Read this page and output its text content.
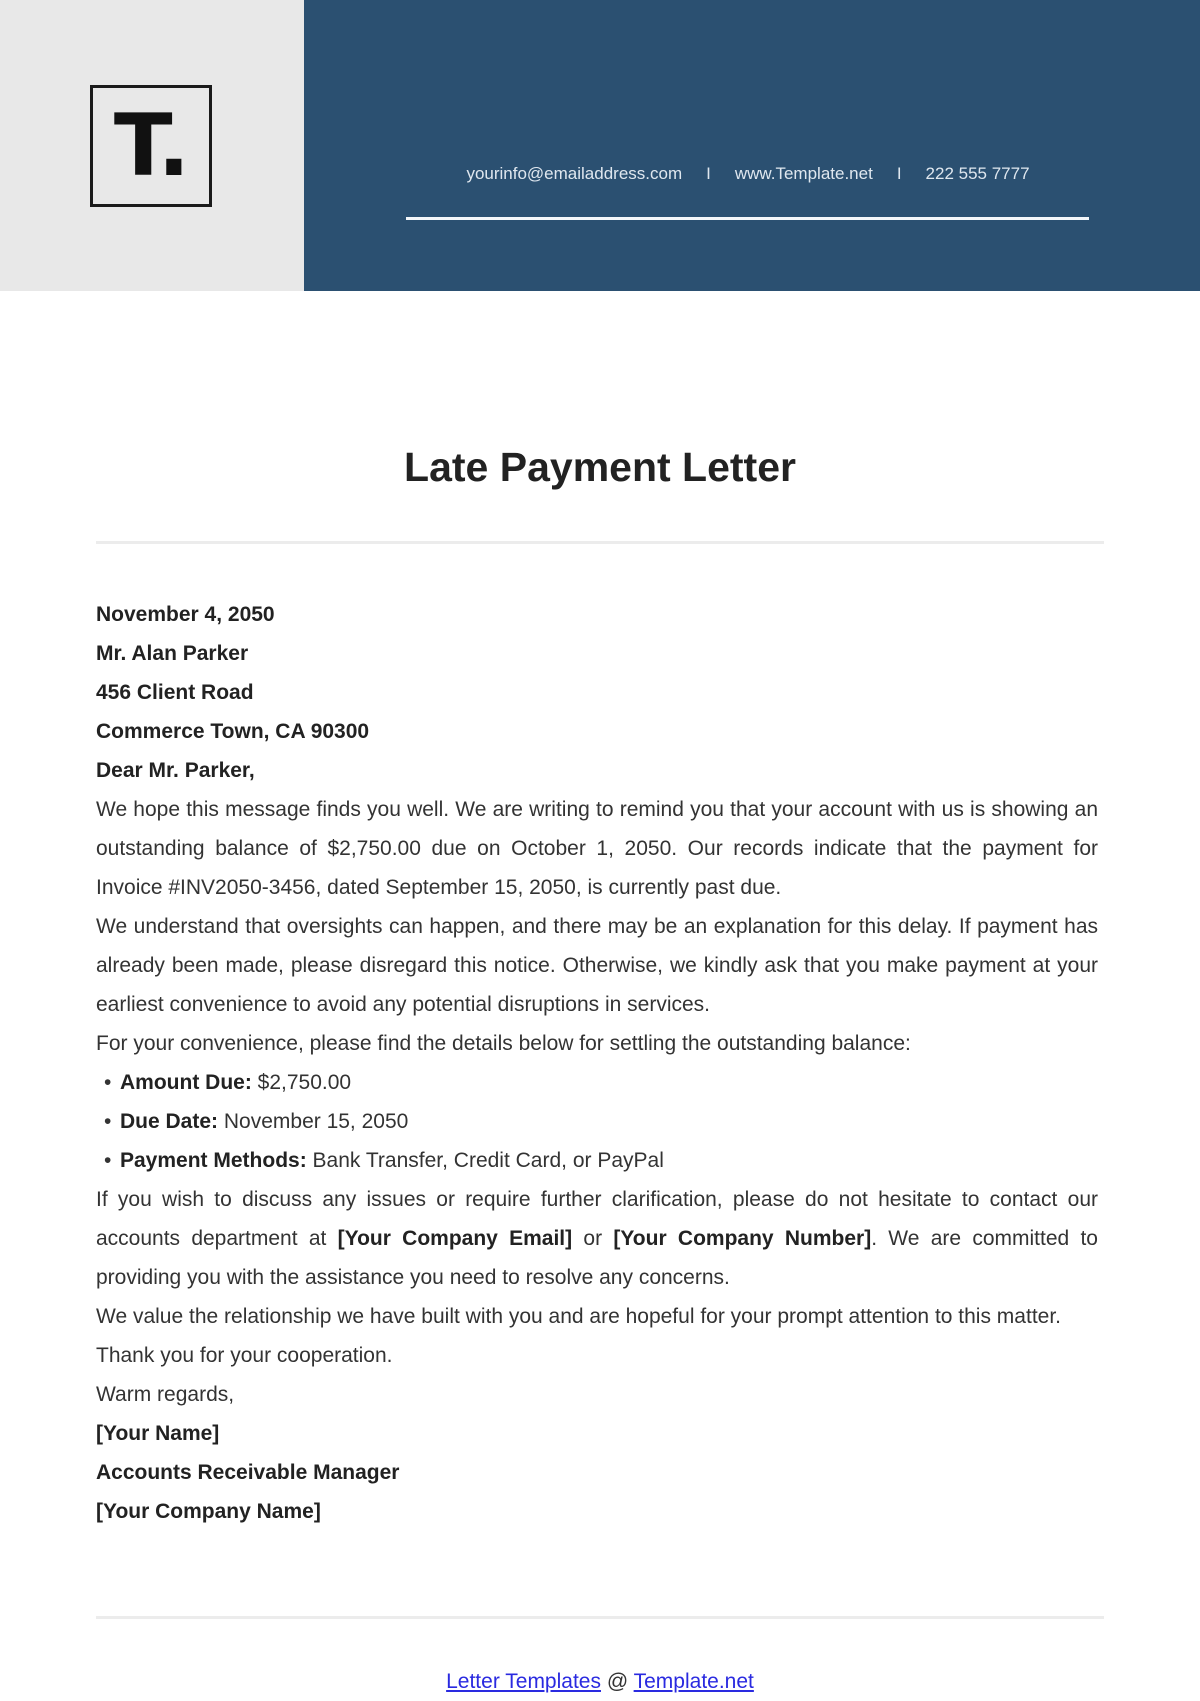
T.	yourinfo@emailaddress.com I www.Template.net I 222 555 7777
Late Payment Letter

November 4, 2050

Mr. Alan Parker

456 Client Road

Commerce Town, CA 90300

Dear Mr. Parker,

We hope this message finds you well. We are writing to remind you that your account with us is showing an outstanding balance of $2,750.00 due on October 1, 2050. Our records indicate that the payment for Invoice #INV2050-3456, dated September 15, 2050, is currently past due.

We understand that oversights can happen, and there may be an explanation for this delay. If payment has already been made, please disregard this notice. Otherwise, we kindly ask that you make payment at your earliest convenience to avoid any potential disruptions in services.

For your convenience, please find the details below for settling the outstanding balance:

• Amount Due: $2,750.00
• Due Date: November 15, 2050
• Payment Methods: Bank Transfer, Credit Card, or PayPal

If you wish to discuss any issues or require further clarification, please do not hesitate to contact our accounts department at [Your Company Email] or [Your Company Number]. We are committed to providing you with the assistance you need to resolve any concerns.

We value the relationship we have built with you and are hopeful for your prompt attention to this matter.

Thank you for your cooperation.

Warm regards,

[Your Name]

Accounts Receivable Manager

[Your Company Name]

Letter Templates @ Template.net
